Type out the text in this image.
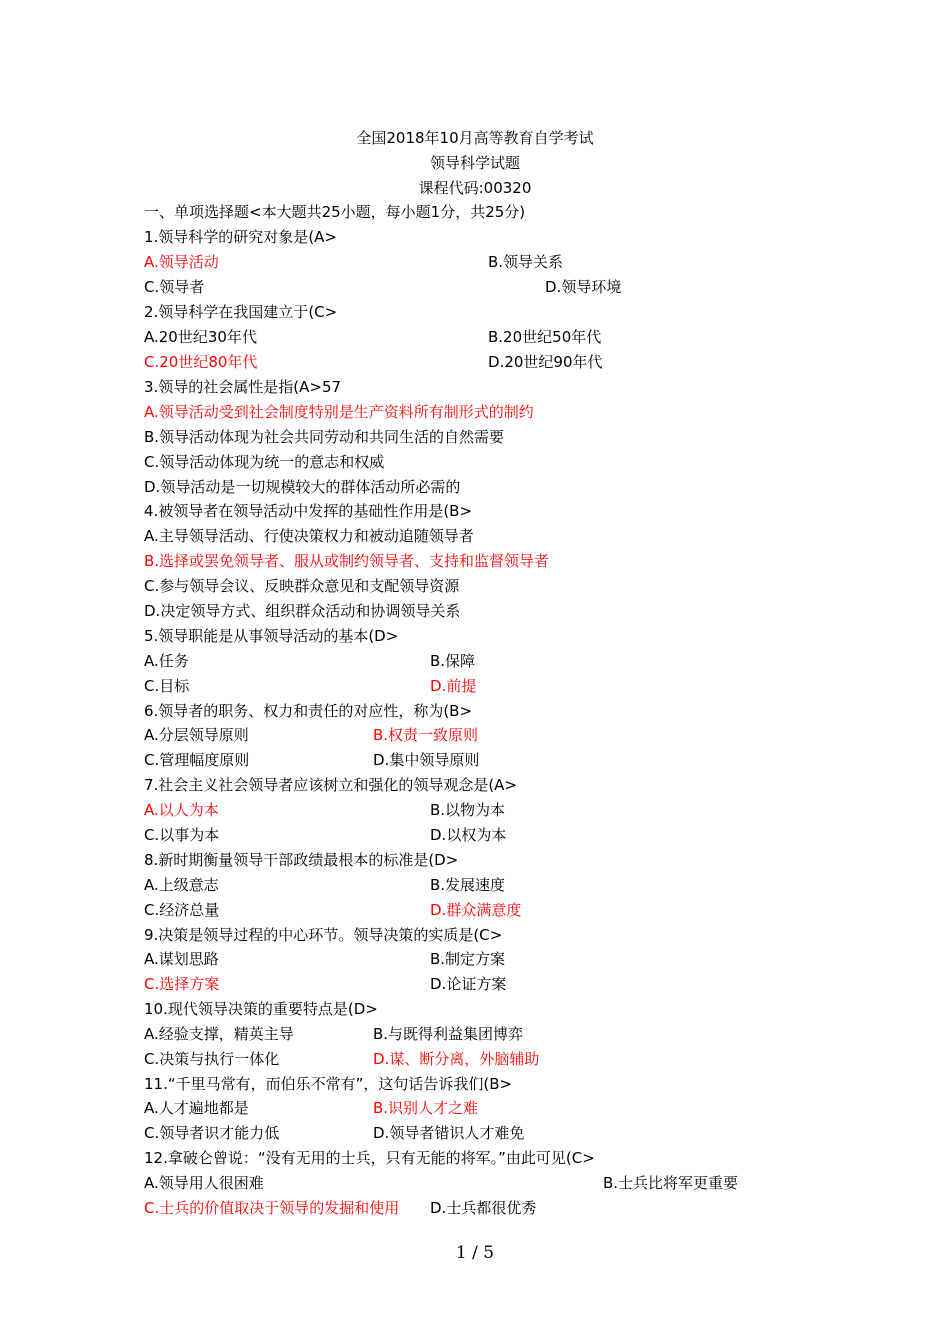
全国2018年10月高等教育自学考试
领导科学试题
课程代码:00320
一、单项选择题<本大题共25小题，每小题1分，共25分)
1.领导科学的研究对象是(A>
A.领导活动	B.领导关系
C.领导者	D.领导环境
2.领导科学在我国建立于(C>
A.20世纪30年代	B.20世纪50年代
C.20世纪80年代	D.20世纪90年代
3.领导的社会属性是指(A>57
A.领导活动受到社会制度特别是生产资料所有制形式的制约
B.领导活动体现为社会共同劳动和共同生活的自然需要
C.领导活动体现为统一的意志和权威
D.领导活动是一切规模较大的群体活动所必需的
4.被领导者在领导活动中发挥的基础性作用是(B>
A.主导领导活动、行使决策权力和被动追随领导者
B.选择或罢免领导者、服从或制约领导者、支持和监督领导者
C.参与领导会议、反映群众意见和支配领导资源
D.决定领导方式、组织群众活动和协调领导关系
5.领导职能是从事领导活动的基本(D>
A.任务	B.保障
C.目标	D.前提
6.领导者的职务、权力和责任的对应性，称为(B>
A.分层领导原则	B.权责一致原则
C.管理幅度原则	D.集中领导原则
7.社会主义社会领导者应该树立和强化的领导观念是(A>
A.以人为本	B.以物为本
C.以事为本	D.以权为本
8.新时期衡量领导干部政绩最根本的标准是(D>
A.上级意志	B.发展速度
C.经济总量	D.群众满意度
9.决策是领导过程的中心环节。领导决策的实质是(C>
A.谋划思路	B.制定方案
C.选择方案	D.论证方案
10.现代领导决策的重要特点是(D>
A.经验支撑，精英主导	B.与既得利益集团博弈
C.决策与执行一体化	D.谋、断分离，外脑辅助
11.“千里马常有，而伯乐不常有”，这句话告诉我们(B>
A.人才遍地都是	B.识别人才之难
C.领导者识才能力低	D.领导者错识人才难免
12.拿破仑曾说：“没有无用的士兵，只有无能的将军。”由此可见(C>
A.领导用人很困难	B.士兵比将军更重要
C.士兵的价值取决于领导的发掘和使用 D.士兵都很优秀
1 / 5
